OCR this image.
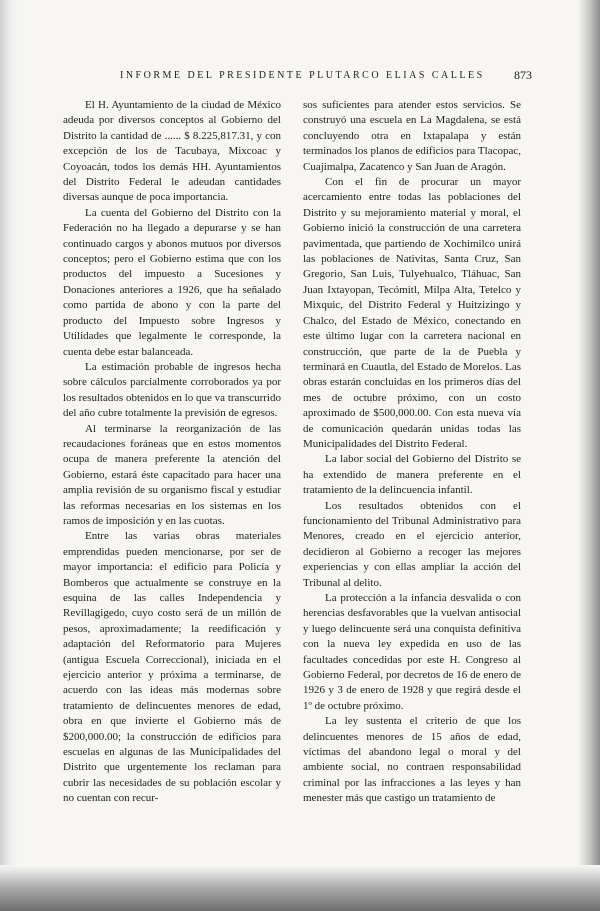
INFORME DEL PRESIDENTE PLUTARCO ELIAS CALLES	873

El H. Ayuntamiento de la ciudad de México adeuda por diversos conceptos al Gobierno del Distrito la cantidad de ...... $ 8.225,817.31, y con excepción de los de Tacubaya, Mixcoac y Coyoacán, todos los demás HH. Ayuntamientos del Distrito Federal le adeudan cantidades diversas aunque de poca importancia.

La cuenta del Gobierno del Distrito con la Federación no ha llegado a depurarse y se han continuado cargos y abonos mutuos por diversos conceptos; pero el Gobierno estima que con los productos del impuesto a Sucesiones y Donaciones anteriores a 1926, que ha señalado como partida de abono y con la parte del producto del Impuesto sobre Ingresos y Utilidades que legalmente le corresponde, la cuenta debe estar balanceada.

La estimación probable de ingresos hecha sobre cálculos parcialmente corroborados ya por los resultados obtenidos en lo que va transcurrido del año cubre totalmente la previsión de egresos.

Al terminarse la reorganización de las recaudaciones foráneas que en estos momentos ocupa de manera preferente la atención del Gobierno, estará éste capacitado para hacer una amplia revisión de su organismo fiscal y estudiar las reformas necesarias en los sistemas en los ramos de imposición y en las cuotas.

Entre las varias obras materiales emprendidas pueden mencionarse, por ser de mayor importancia: el edificio para Policía y Bomberos que actualmente se construye en la esquina de las calles Independencia y Revillagigedo, cuyo costo será de un millón de pesos, aproximadamente; la reedificación y adaptación del Reformatorio para Mujeres (antigua Escuela Correccional), iniciada en el ejercicio anterior y próxima a terminarse, de acuerdo con las ideas más modernas sobre tratamiento de delincuentes menores de edad, obra en que invierte el Gobierno más de $200,000.00; la construcción de edificios para escuelas en algunas de las Municipalidades del Distrito que urgentemente los reclaman para cubrir las necesidades de su población escolar y no cuentan con recur-

sos suficientes para atender estos servicios. Se construyó una escuela en La Magdalena, se está concluyendo otra en Ixtapalapa y están terminados los planos de edificios para Tlacopac, Cuajimalpa, Zacatenco y San Juan de Aragón.

Con el fin de procurar un mayor acercamiento entre todas las poblaciones del Distrito y su mejoramiento material y moral, el Gobierno inició la construcción de una carretera pavimentada, que partiendo de Xochimilco unirá las poblaciones de Nativitas, Santa Cruz, San Gregorio, San Luis, Tulyehualco, Tláhuac, San Juan Ixtayopan, Tecómitl, Milpa Alta, Tetelco y Mixquic, del Distrito Federal y Huitzizingo y Chalco, del Estado de México, conectando en este último lugar con la carretera nacional en construcción, que parte de la de Puebla y terminará en Cuautla, del Estado de Morelos. Las obras estarán concluidas en los primeros días del mes de octubre próximo, con un costo aproximado de $500,000.00. Con esta nueva vía de comunicación quedarán unidas todas las Municipalidades del Distrito Federal.

La labor social del Gobierno del Distrito se ha extendido de manera preferente en el tratamiento de la delincuencia infantil.

Los resultados obtenidos con el funcionamiento del Tribunal Administrativo para Menores, creado en el ejercicio anterior, decidieron al Gobierno a recoger las mejores experiencias y con ellas ampliar la acción del Tribunal al delito.

La protección a la infancia desvalida o con herencias desfavorables que la vuelvan antisocial y luego delincuente será una conquista definitiva con la nueva ley expedida en uso de las facultades concedidas por este H. Congreso al Gobierno Federal, por decretos de 16 de enero de 1926 y 3 de enero de 1928 y que regirá desde el 1º de octubre próximo.

La ley sustenta el criterio de que los delincuentes menores de 15 años de edad, víctimas del abandono legal o moral y del ambiente social, no contraen responsabilidad criminal por las infracciones a las leyes y han menester más que castigo un tratamiento de
